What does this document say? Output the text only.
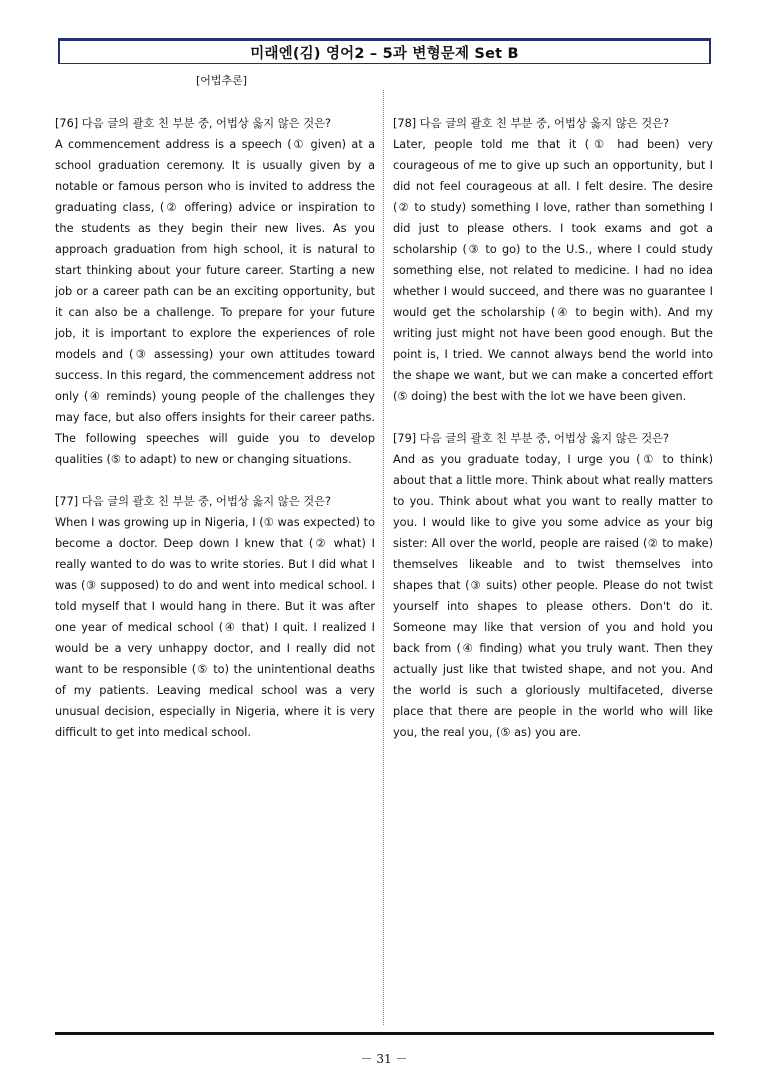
미래엔(김) 영어2 – 5과 변형문제 Set B
[어법추론]
[76] 다음 글의 괄호 친 부분 중, 어법상 옳지 않은 것은?
A commencement address is a speech (① given) at a school graduation ceremony. It is usually given by a notable or famous person who is invited to address the graduating class, (② offering) advice or inspiration to the students as they begin their new lives. As you approach graduation from high school, it is natural to start thinking about your future career. Starting a new job or a career path can be an exciting opportunity, but it can also be a challenge. To prepare for your future job, it is important to explore the experiences of role models and (③ assessing) your own attitudes toward success. In this regard, the commencement address not only (④ reminds) young people of the challenges they may face, but also offers insights for their career paths. The following speeches will guide you to develop qualities (⑤ to adapt) to new or changing situations.
[77] 다음 글의 괄호 친 부분 중, 어법상 옳지 않은 것은?
When I was growing up in Nigeria, I (① was expected) to become a doctor. Deep down I knew that (② what) I really wanted to do was to write stories. But I did what I was (③ supposed) to do and went into medical school. I told myself that I would hang in there. But it was after one year of medical school (④ that) I quit. I realized I would be a very unhappy doctor, and I really did not want to be responsible (⑤ to) the unintentional deaths of my patients. Leaving medical school was a very unusual decision, especially in Nigeria, where it is very difficult to get into medical school.
[78] 다음 글의 괄호 친 부분 중, 어법상 옳지 않은 것은?
Later, people told me that it (① had been) very courageous of me to give up such an opportunity, but I did not feel courageous at all. I felt desire. The desire (② to study) something I love, rather than something I did just to please others. I took exams and got a scholarship (③ to go) to the U.S., where I could study something else, not related to medicine. I had no idea whether I would succeed, and there was no guarantee I would get the scholarship (④ to begin with). And my writing just might not have been good enough. But the point is, I tried. We cannot always bend the world into the shape we want, but we can make a concerted effort (⑤ doing) the best with the lot we have been given.
[79] 다음 글의 괄호 친 부분 중, 어법상 옳지 않은 것은?
And as you graduate today, I urge you (① to think) about that a little more. Think about what really matters to you. Think about what you want to really matter to you. I would like to give you some advice as your big sister: All over the world, people are raised (② to make) themselves likeable and to twist themselves into shapes that (③ suits) other people. Please do not twist yourself into shapes to please others. Don't do it. Someone may like that version of you and hold you back from (④ finding) what you truly want. Then they actually just like that twisted shape, and not you. And the world is such a gloriously multifaceted, diverse place that there are people in the world who will like you, the real you, (⑤ as) you are.
－ 31 －
